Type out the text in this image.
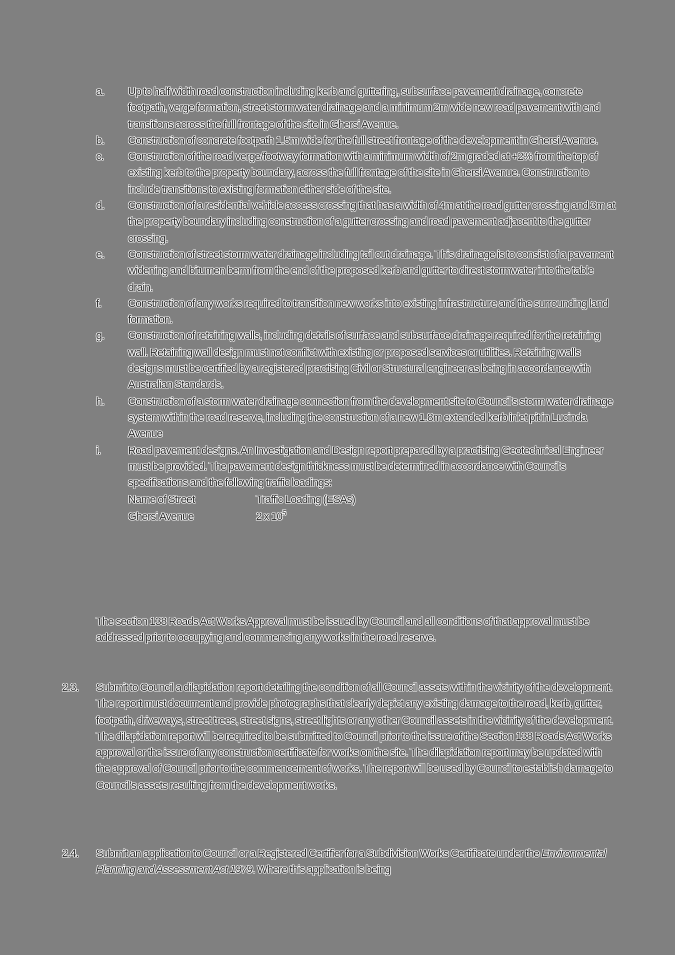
a.	Up to half width road construction including kerb and guttering, subsurface pavement drainage, concrete footpath, verge formation, street stormwater drainage and a minimum 2m wide new road pavement with end transitions across the full frontage of the site in Ghersi Avenue.
b.	Construction of concrete footpath 1.5m wide for the full street frontage of the development in Ghersi Avenue.
c.	Construction of the road verge/footway formation with a minimum width of 2m graded at +2% from the top of existing kerb to the property boundary, across the full frontage of the site in Ghersi Avenue. Construction to include transitions to existing formation either side of the site.
d.	Construction of a residential vehicle access crossing that has a width of 4m at the road gutter crossing and 3m at the property boundary including construction of a gutter crossing and road pavement adjacent to the gutter crossing.
e.	Construction of street storm water drainage including tail out drainage. This drainage is to consist of a pavement widening and bitumen berm from the end of the proposed kerb and gutter to direct stormwater into the table drain.
f.	Construction of any works required to transition new works into existing infrastructure and the surrounding land formation.
g.	Construction of retaining walls, including details of surface and subsurface drainage required for the retaining wall. Retaining wall design must not conflict with existing or proposed services or utilities. Retaining walls designs must be certified by a registered practising Civil or Structural engineer as being in accordance with Australian Standards.
h.	Construction of a storm water drainage connection from the development site to Council's storm water drainage system within the road reserve, including the construction of a new 1.8m extended kerb inlet pit in Lucinda Avenue
i.	Road pavement designs. An Investigation and Design report prepared by a practising Geotechnical Engineer must be provided. The pavement design thickness must be determined in accordance with Council's specifications and the following traffic loadings:
Name of Street	Traffic Loading (ESAs)
Ghersi Avenue	2 x $10^5$
The section 138 Roads Act Works Approval must be issued by Council and all conditions of that approval must be addressed prior to occupying and commencing any works in the road reserve.
2.3.	Submit to Council a dilapidation report detailing the condition of all Council assets within the vicinity of the development. The report must document and provide photographs that clearly depict any existing damage to the road, kerb, gutter, footpath, driveways, street trees, street signs, street lights or any other Council assets in the vicinity of the development. The dilapidation report will be required to be submitted to Council prior to the issue of the Section 138 Roads Act Works approval or the issue of any construction certificate for works on the site. The dilapidation report may be updated with the approval of Council prior to the commencement of works. The report will be used by Council to establish damage to Council's assets resulting from the development works.
2.4.	Submit an application to Council or a Registered Certifier for a Subdivision Works Certificate under the Environmental Planning and Assessment Act 1979. Where this application is being
